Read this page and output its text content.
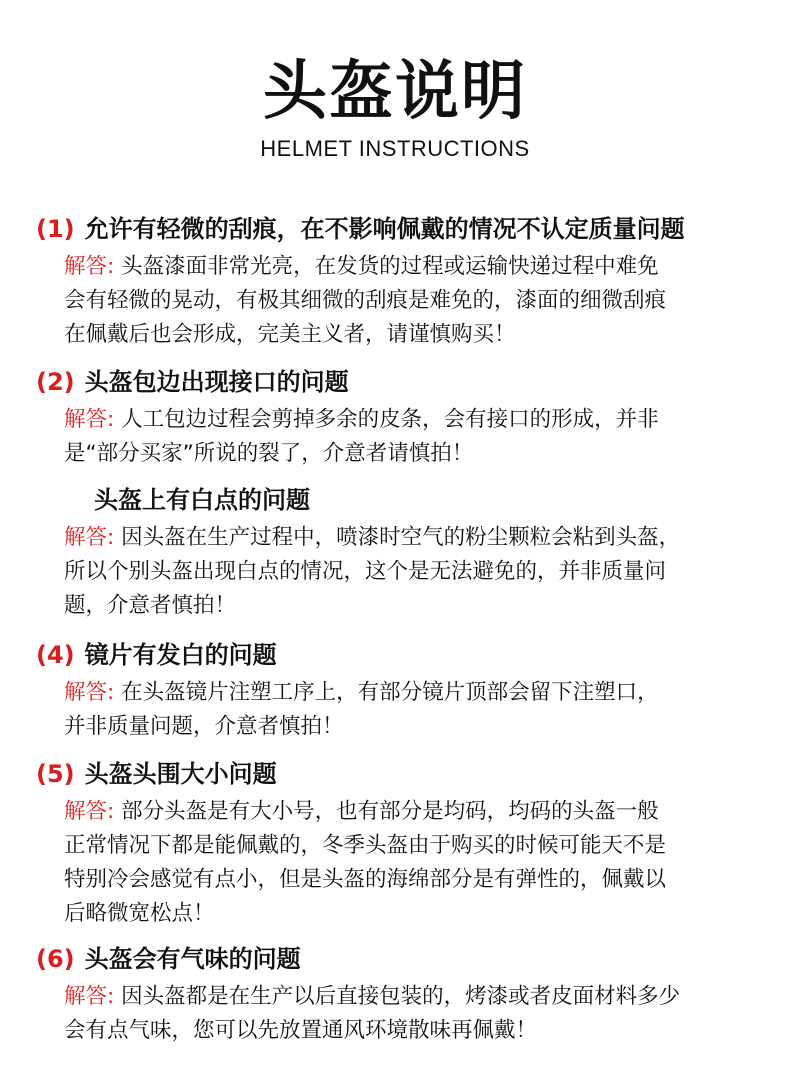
头盔说明
HELMET INSTRUCTIONS
(1) 允许有轻微的刮痕，在不影响佩戴的情况不认定质量问题
解答: 头盔漆面非常光亮，在发货的过程或运输快递过程中难免
会有轻微的晃动，有极其细微的刮痕是难免的，漆面的细微刮痕
在佩戴后也会形成，完美主义者，请谨慎购买！
(2) 头盔包边出现接口的问题
解答: 人工包边过程会剪掉多余的皮条，会有接口的形成，并非
是“部分买家”所说的裂了，介意者请慎拍！
头盔上有白点的问题
解答: 因头盔在生产过程中，喷漆时空气的粉尘颗粒会粘到头盔，
所以个别头盔出现白点的情况，这个是无法避免的，并非质量问
题，介意者慎拍！
(4) 镜片有发白的问题
解答: 在头盔镜片注塑工序上，有部分镜片顶部会留下注塑口，
并非质量问题，介意者慎拍！
(5) 头盔头围大小问题
解答: 部分头盔是有大小号，也有部分是均码，均码的头盔一般
正常情况下都是能佩戴的，冬季头盔由于购买的时候可能天不是
特别冷会感觉有点小，但是头盔的海绵部分是有弹性的，佩戴以
后略微宽松点！
(6) 头盔会有气味的问题
解答: 因头盔都是在生产以后直接包装的，烤漆或者皮面材料多少
会有点气味，您可以先放置通风环境散味再佩戴！
